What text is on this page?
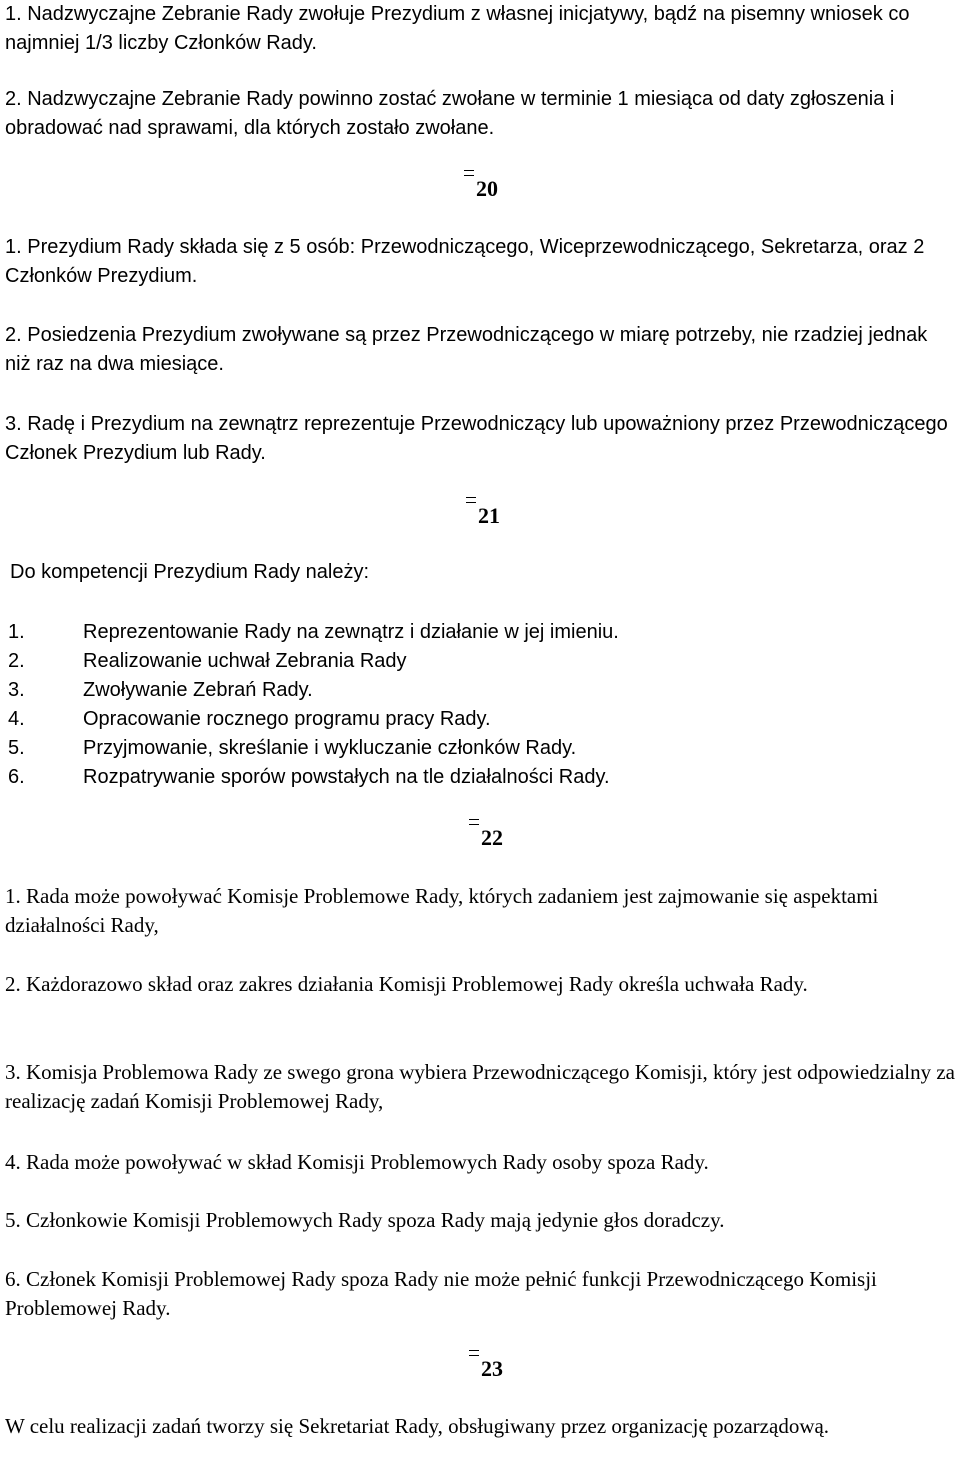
1. Nadzwyczajne Zebranie Rady zwołuje Prezydium z własnej inicjatywy, bądź na pisemny wniosek co najmniej 1/3 liczby Członków Rady.

2. Nadzwyczajne Zebranie Rady powinno zostać zwołane w terminie 1 miesiąca od daty zgłoszenia i obradować nad sprawami, dla których zostało zwołane.

20

1. Prezydium Rady składa się z 5 osób: Przewodniczącego, Wiceprzewodniczącego, Sekretarza, oraz 2 Członków Prezydium.

2. Posiedzenia Prezydium zwoływane są przez Przewodniczącego w miarę potrzeby, nie rzadziej jednak niż raz na dwa miesiące.

3. Radę i Prezydium na zewnątrz reprezentuje Przewodniczący lub upoważniony przez Przewodniczącego Członek Prezydium lub Rady.

21

Do kompetencji Prezydium Rady należy:

1.	Reprezentowanie Rady na zewnątrz i działanie w jej imieniu.
2.	Realizowanie uchwał Zebrania Rady
3.	Zwoływanie Zebrań Rady.
4.	Opracowanie rocznego programu pracy Rady.
5.	Przyjmowanie, skreślanie i wykluczanie członków Rady.
6.	Rozpatrywanie sporów powstałych na tle działalności Rady.
22

1. Rada może powoływać Komisje Problemowe Rady, których zadaniem jest zajmowanie się aspektami działalności Rady,

2. Każdorazowo skład oraz zakres działania Komisji Problemowej Rady określa uchwała Rady.

3. Komisja Problemowa Rady ze swego grona wybiera Przewodniczącego Komisji, który jest odpowiedzialny za realizację zadań Komisji Problemowej Rady,

4. Rada może powoływać w skład Komisji Problemowych Rady osoby spoza Rady.

5. Członkowie Komisji Problemowych Rady spoza Rady mają jedynie głos doradczy.

6. Członek Komisji Problemowej Rady spoza Rady nie może pełnić funkcji Przewodniczącego Komisji Problemowej Rady.

23

W celu realizacji zadań tworzy się Sekretariat Rady, obsługiwany przez organizację pozarządową.
